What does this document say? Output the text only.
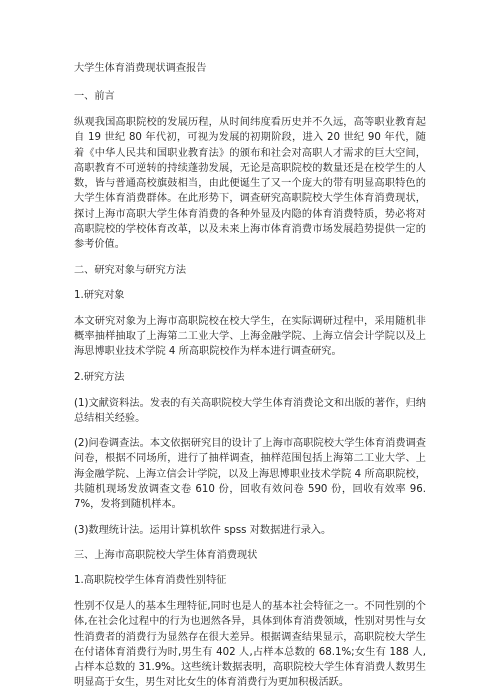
大学生体育消费现状调查报告
一、前言

纵观我国高职院校的发展历程，从时间纬度看历史并不久远，高等职业教育起自 19 世纪 80 年代初，可视为发展的初期阶段，进入 20 世纪 90 年代，随着《中华人民共和国职业教育法》的颁布和社会对高职人才需求的巨大空间，高职教育不可逆转的持续蓬勃发展，无论是高职院校的数量还是在校学生的人数，皆与普通高校旗鼓相当，由此便诞生了又一个庞大的带有明显高职特色的大学生体育消费群体。在此形势下，调查研究高职院校大学生体育消费现状，探讨上海市高职大学生体育消费的各种外显及内隐的体育消费特质，势必将对高职院校的学校体育改革，以及未来上海市体育消费市场发展趋势提供一定的参考价值。

二、研究对象与研究方法
1.研究对象

本文研究对象为上海市高职院校在校大学生，在实际调研过程中，采用随机非概率抽样抽取了上海第二工业大学、上海金融学院、上海立信会计学院以及上海思博职业技术学院 4 所高职院校作为样本进行调查研究。

2.研究方法

(1)文献资料法。发表的有关高职院校大学生体育消费论文和出版的著作，归纳总结相关经验。

(2)问卷调查法。本文依据研究目的设计了上海市高职院校大学生体育消费调查问卷，根据不同场所，进行了抽样调查，抽样范围包括上海第二工业大学、上海金融学院、上海立信会计学院，以及上海思博职业技术学院 4 所高职院校，共随机现场发放调查文卷 610 份，回收有效问卷 590 份，回收有效率 96.7%，发将到随机样本。

(3)数理统计法。运用计算机软件 spss 对数据进行录入。

三、上海市高职院校大学生体育消费现状
1.高职院校学生体育消费性别特征

性别不仅是人的基本生理特征,同时也是人的基本社会特征之一。不同性别的个体,在社会化过程中的行为也迥然各异，具体到体育消费领域，性别对男性与女性消费者的消费行为显然存在很大差异。根据调查结果显示，高职院校大学生在付诸体育消费行为时,男生有 402 人,占样本总数的 68.1%;女生有 188 人,占样本总数的 31.9%。这些统计数据表明，高职院校大学生体育消费人数男生明显高于女生，男生对比女生的体育消费行为更加积极活跃。
